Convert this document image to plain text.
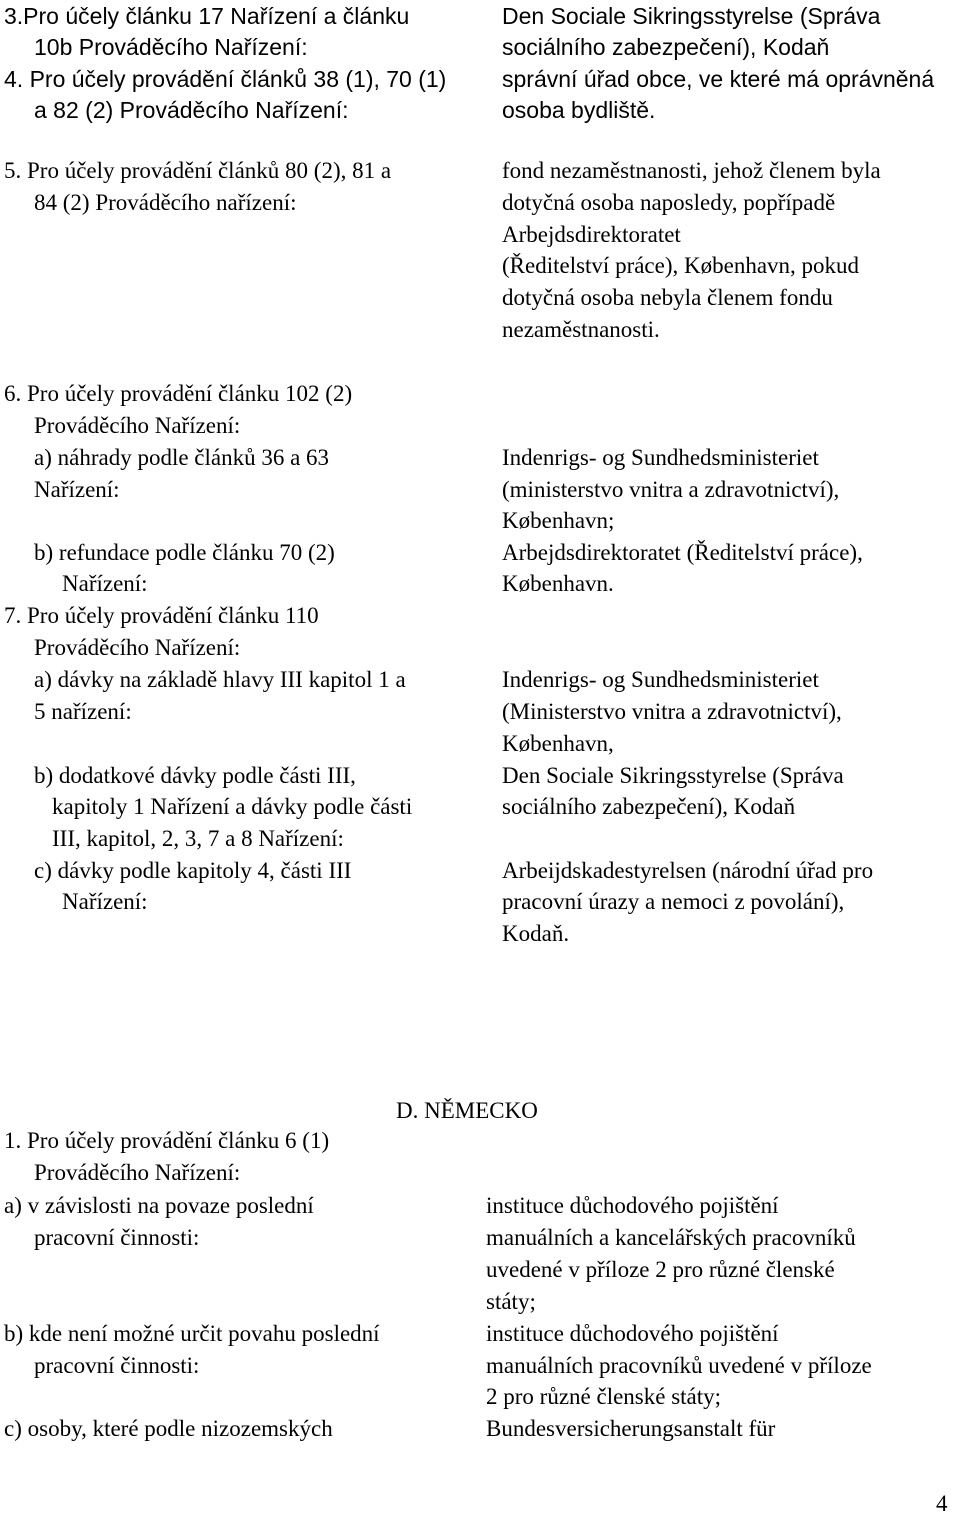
3.Pro účely článku 17 Nařízení a článku
10b Prováděcího Nařízení:
4. Pro účely provádění článků 38 (1), 70 (1)
a 82 (2) Prováděcího Nařízení:
5. Pro účely provádění článků 80 (2), 81 a
84 (2) Prováděcího nařízení:
6. Pro účely provádění článku 102 (2)
Prováděcího Nařízení:
a) náhrady podle článků 36 a 63
Nařízení:
b) refundace podle článku 70 (2)
Nařízení:
7. Pro účely provádění článku 110
Prováděcího Nařízení:
a) dávky na základě hlavy III kapitol 1 a
5 nařízení:
b) dodatkové dávky podle části III,
kapitoly 1 Nařízení a dávky podle části
III, kapitol, 2, 3, 7 a 8 Nařízení:
c) dávky podle kapitoly 4, části III
Nařízení:
Den Sociale Sikringsstyrelse (Správa
sociálního zabezpečení), Kodaň
správní úřad obce, ve které má oprávněná
osoba bydliště.
fond nezaměstnanosti, jehož členem byla
dotyčná osoba naposledy, popřípadě
Arbejdsdirektoratet
(Ředitelství práce), København, pokud
dotyčná osoba nebyla členem fondu
nezaměstnanosti.
Indenrigs- og Sundhedsministeriet
(ministerstvo vnitra a zdravotnictví),
København;
Arbejdsdirektoratet (Ředitelství práce),
København.
Indenrigs- og Sundhedsministeriet
(Ministerstvo vnitra a zdravotnictví),
København,
Den Sociale Sikringsstyrelse (Správa
sociálního zabezpečení), Kodaň
Arbeijdskadestyrelsen (národní úřad pro
pracovní úrazy a nemoci z povolání),
Kodaň.
D. NĚMECKO
1. Pro účely provádění článku 6 (1)
Prováděcího Nařízení:
a) v závislosti na povaze poslední
pracovní činnosti:
b) kde není možné určit povahu poslední
pracovní činnosti:
c) osoby, které podle nizozemských
instituce důchodového pojištění
manuálních a kancelářských pracovníků
uvedené v příloze 2 pro různé členské
státy;
instituce důchodového pojištění
manuálních pracovníků uvedené v příloze
2 pro různé členské státy;
Bundesversicherungsanstalt für
4
